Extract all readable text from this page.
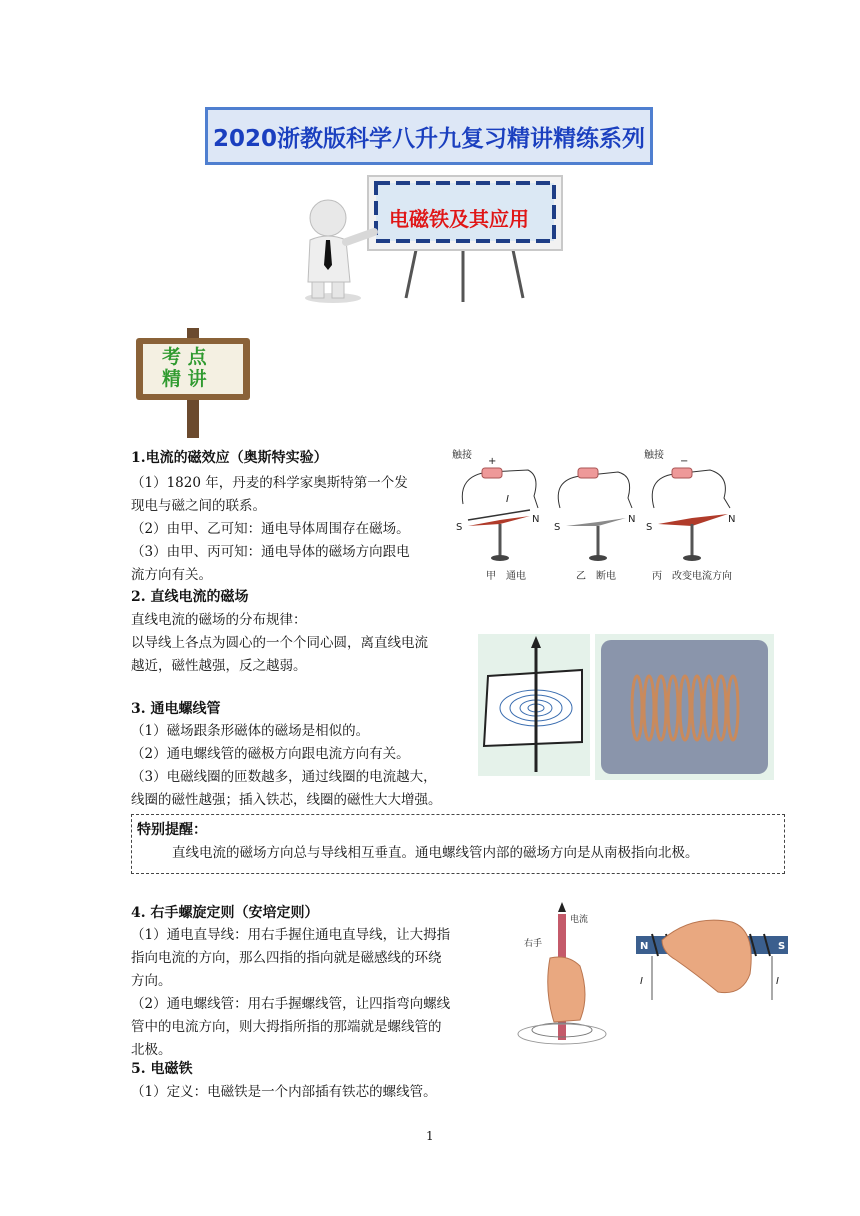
2020浙教版科学八升九复习精讲精练系列
电磁铁及其应用
考 点
精 讲
1.电流的磁效应（奥斯特实验）
（1）1820 年，丹麦的科学家奥斯特第一个发
现电与磁之间的联系。
（2）由甲、乙可知：通电导体周围存在磁场。
（3）由甲、丙可知：通电导体的磁场方向跟电
流方向有关。
触接
+
I
S
N
甲　通电
S
N
乙　断电
触接
−
S
N
丙　改变电流方向
2. 直线电流的磁场
直线电流的磁场的分布规律：
以导线上各点为圆心的一个个同心圆，离直线电流
越近，磁性越强，反之越弱。
3. 通电螺线管
（1）磁场跟条形磁体的磁场是相似的。
（2）通电螺线管的磁极方向跟电流方向有关。
（3）电磁线圈的匝数越多，通过线圈的电流越大，
线圈的磁性越强；插入铁芯，线圈的磁性大大增强。
特别提醒：
直线电流的磁场方向总与导线相互垂直。通电螺线管内部的磁场方向是从南极指向北极。
4. 右手螺旋定则（安培定则）
（1）通电直导线：用右手握住通电直导线，让大拇指
指向电流的方向，那么四指的指向就是磁感线的环绕
方向。
（2）通电螺线管：用右手握螺线管，让四指弯向螺线
管中的电流方向，则大拇指所指的那端就是螺线管的
北极。
电流
右手	N	S
I	I
5. 电磁铁
（1）定义：电磁铁是一个内部插有铁芯的螺线管。
1
